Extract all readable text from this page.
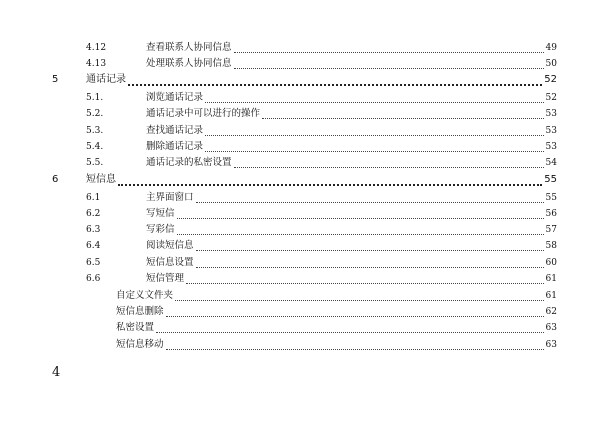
4.12	查看联系人协同信息	49
4.13	处理联系人协同信息	50
5	通话记录	52
5.1.	浏览通话记录	52
5.2.	通话记录中可以进行的操作	53
5.3.	查找通话记录	53
5.4.	删除通话记录	53
5.5.	通话记录的私密设置	54
6	短信息	55
6.1	主界面窗口	55
6.2	写短信	56
6.3	写彩信	57
6.4	阅读短信息	58
6.5	短信息设置	60
6.6	短信管理	61
自定义文件夹	61
短信息删除	62
私密设置	63
短信息移动	63
4
